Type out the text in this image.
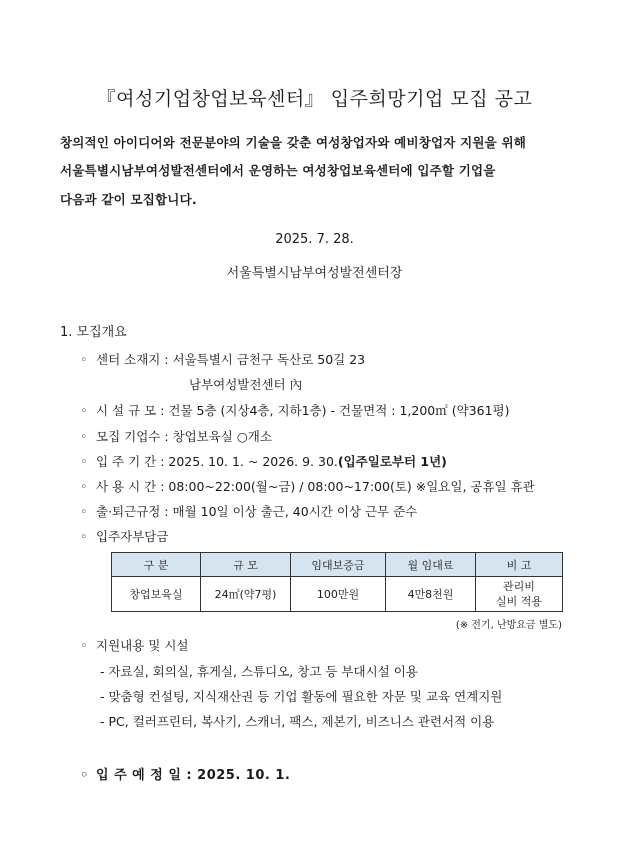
『여성기업창업보육센터』 입주희망기업 모집 공고
창의적인 아이디어와 전문분야의 기술을 갖춘 여성창업자와 예비창업자 지원을 위해
서울특별시남부여성발전센터에서 운영하는 여성창업보육센터에 입주할 기업을
다음과 같이 모집합니다.
2025. 7. 28.
서울특별시남부여성발전센터장
1. 모집개요
◦ 센터 소재지 : 서울특별시 금천구 독산로 50길 23
남부여성발전센터 內
◦ 시 설 규 모 : 건물 5층 (지상4층, 지하1층) - 건물면적 : 1,200㎡ (약361평)
◦ 모집 기업수 : 창업보육실 ○개소
◦ 입 주 기 간 : 2025. 10. 1. ~ 2026. 9. 30.(입주일로부터 1년)
◦ 사 용 시 간 : 08:00~22:00(월~금) / 08:00~17:00(토) ※일요일, 공휴일 휴관
◦ 출·퇴근규정 : 매월 10일 이상 출근, 40시간 이상 근무 준수
◦ 입주자부담금
구 분	규 모	임대보증금	월 임대료	비 고
창업보육실	24㎡(약7평)	100만원	4만8천원	관리비
실비 적용
(※ 전기, 난방요금 별도)
◦ 지원내용 및 시설
- 자료실, 회의실, 휴게실, 스튜디오, 창고 등 부대시설 이용
- 맞춤형 컨설팅, 지식재산권 등 기업 활동에 필요한 자문 및 교육 연계지원
- PC, 컬러프린터, 복사기, 스캐너, 팩스, 제본기, 비즈니스 관련서적 이용
◦ 입 주 예 정 일 : 2025. 10. 1.
